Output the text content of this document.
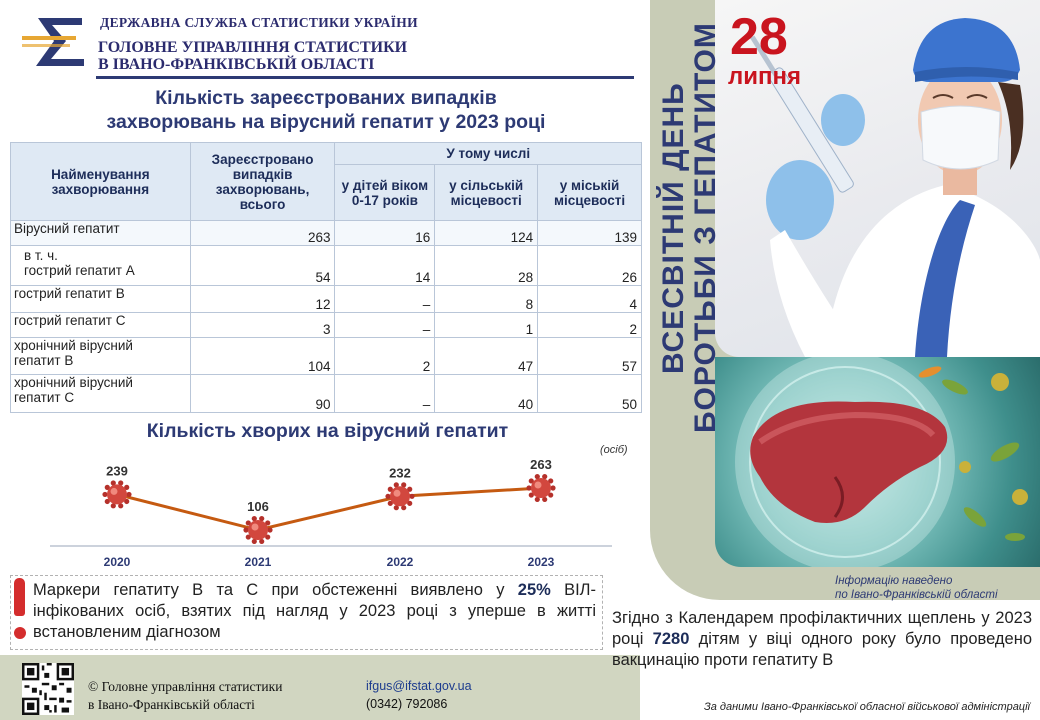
ДЕРЖАВНА СЛУЖБА СТАТИСТИКИ УКРАЇНИ
ГОЛОВНЕ УПРАВЛІННЯ СТАТИСТИКИ
В ІВАНО-ФРАНКІВСЬКІЙ ОБЛАСТІ
Кількість зареєстрованих випадків
захворювань на вірусний гепатит у 2023 році
Найменування захворювання	Зареєстровано випадків захворювань, всього	У тому числі		
		у дітей віком 0-17 років	у сільській місцевості	у міській місцевості
Вірусний гепатит	263	16	124	139

в т. ч.
гострий гепатит А	54	14	28	26
гострий гепатит В	12	–	8	4
гострий гепатит С	3	–	1	2

хронічний вірусний
гепатит В	104	2	47	57

хронічний вірусний
гепатит С	90	–	40	50
Кількість хворих на вірусний гепатит
(осіб)
239
106
232
263
2020	2021	2022	2023
Маркери гепатиту В та С при обстеженні виявлено у 25% ВІЛ-інфікованих осіб, взятих під нагляд у 2023 році з уперше в житті встановленим діагнозом
© Головне управління статистики
в Івано-Франківській області
ifgus@ifstat.gov.ua
(0342) 792086
28
липня
ВСЕСВІТНІЙ ДЕНЬ БОРОТЬБИ З ГЕПАТИТОМ
Інформацію наведено
по Івано-Франківській області
Згідно з Календарем профілактичних щеплень у 2023 році 7280 дітям у віці одного року було проведено вакцинацію проти гепатиту В
За даними Івано-Франківської обласної військової адміністрації
